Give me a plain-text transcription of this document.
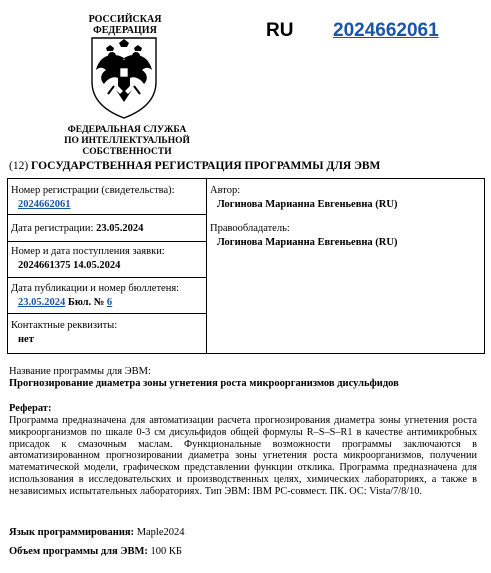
РОССИЙСКАЯ ФЕДЕРАЦИЯ
ФЕДЕРАЛЬНАЯ СЛУЖБА
ПО ИНТЕЛЛЕКТУАЛЬНОЙ СОБСТВЕННОСТИ
RU 2024662061
(12) ГОСУДАРСТВЕННАЯ РЕГИСТРАЦИЯ ПРОГРАММЫ ДЛЯ ЭВМ
Номер регистрации (свидетельства):
2024662061
Дата регистрации: 23.05.2024
Номер и дата поступления заявки:
2024661375 14.05.2024
Дата публикации и номер бюллетеня:
23.05.2024 Бюл. № 6
Контактные реквизиты:
нет
Автор:
Логинова Марианна Евгеньевна (RU)
Правообладатель:
Логинова Марианна Евгеньевна (RU)
Название программы для ЭВМ:
Прогнозирование диаметра зоны угнетения роста микроорганизмов дисульфидов
Реферат:
Программа предназначена для автоматизации расчета прогнозирования диаметра зоны угнетения роста микроорганизмов по шкале 0-3 см дисульфидов общей формулы R–S–S–R1 в качестве антимикробных присадок к смазочным маслам. Функциональные возможности программы заключаются в автоматизированном прогнозировании диаметра зоны угнетения роста микроорганизмов, получении математической модели, графическом представлении функции отклика. Программа предназначена для использования в исследовательских и производственных целях, химических лабораториях, а также в независимых испытательных лабораториях. Тип ЭВМ: IBM PC-совмест. ПК. ОС: Vista/7/8/10.
Язык программирования: Maple2024
Объем программы для ЭВМ: 100 КБ
